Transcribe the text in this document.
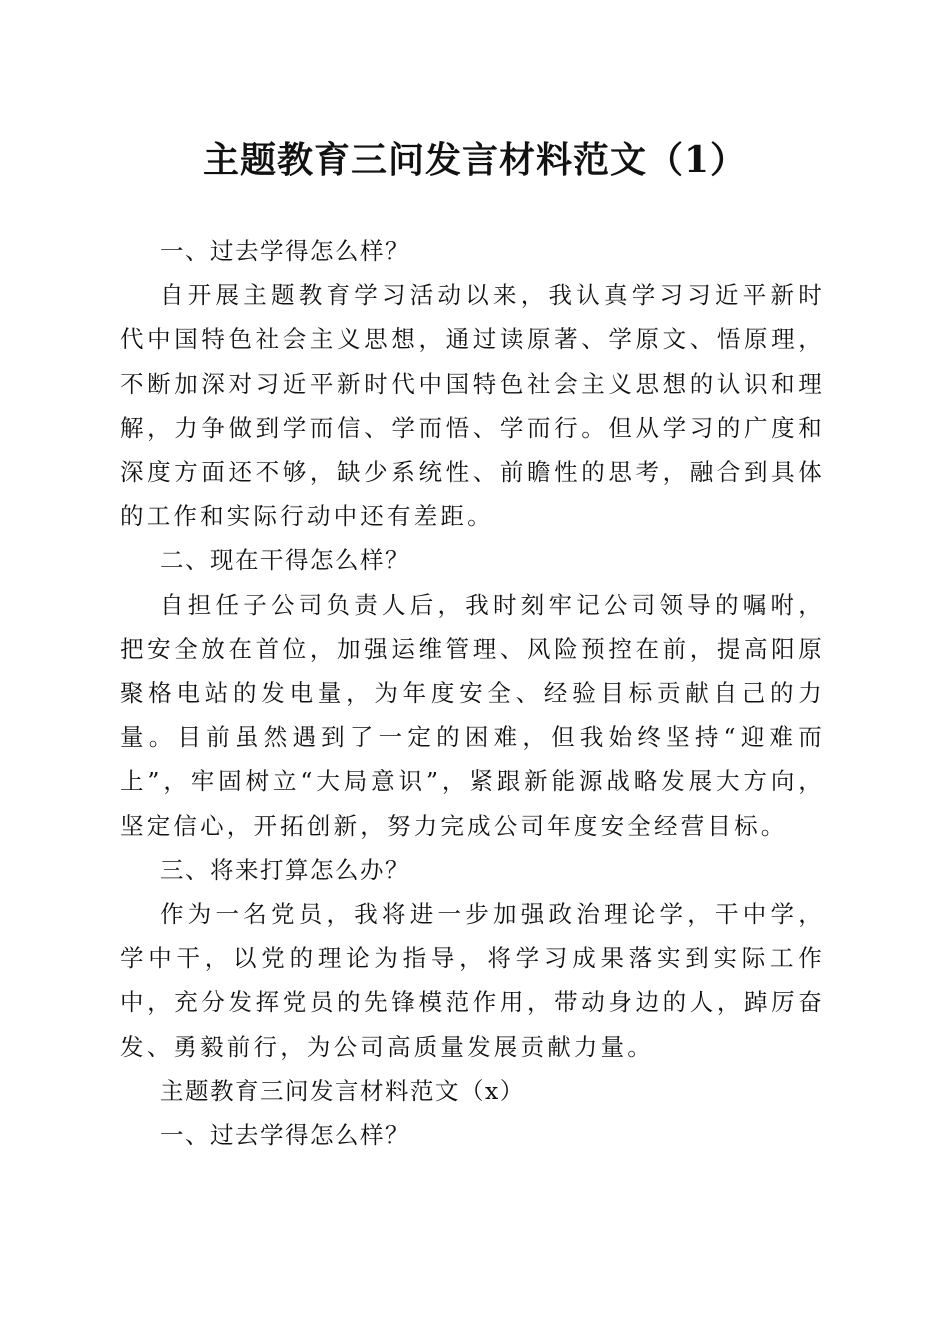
主题教育三问发言材料范文（1）

一、过去学得怎么样？

自开展主题教育学习活动以来，我认真学习习近平新时代中国特色社会主义思想，通过读原著、学原文、悟原理，不断加深对习近平新时代中国特色社会主义思想的认识和理解，力争做到学而信、学而悟、学而行。但从学习的广度和深度方面还不够，缺少系统性、前瞻性的思考，融合到具体的工作和实际行动中还有差距。

二、现在干得怎么样？

自担任子公司负责人后，我时刻牢记公司领导的嘱咐，把安全放在首位，加强运维管理、风险预控在前，提高阳原聚格电站的发电量，为年度安全、经验目标贡献自己的力量。目前虽然遇到了一定的困难，但我始终坚持“迎难而上”，牢固树立“大局意识”，紧跟新能源战略发展大方向，坚定信心，开拓创新，努力完成公司年度安全经营目标。

三、将来打算怎么办？

作为一名党员，我将进一步加强政治理论学，干中学，学中干，以党的理论为指导，将学习成果落实到实际工作中，充分发挥党员的先锋模范作用，带动身边的人，踔厉奋发、勇毅前行，为公司高质量发展贡献力量。

主题教育三问发言材料范文（x）

一、过去学得怎么样？
